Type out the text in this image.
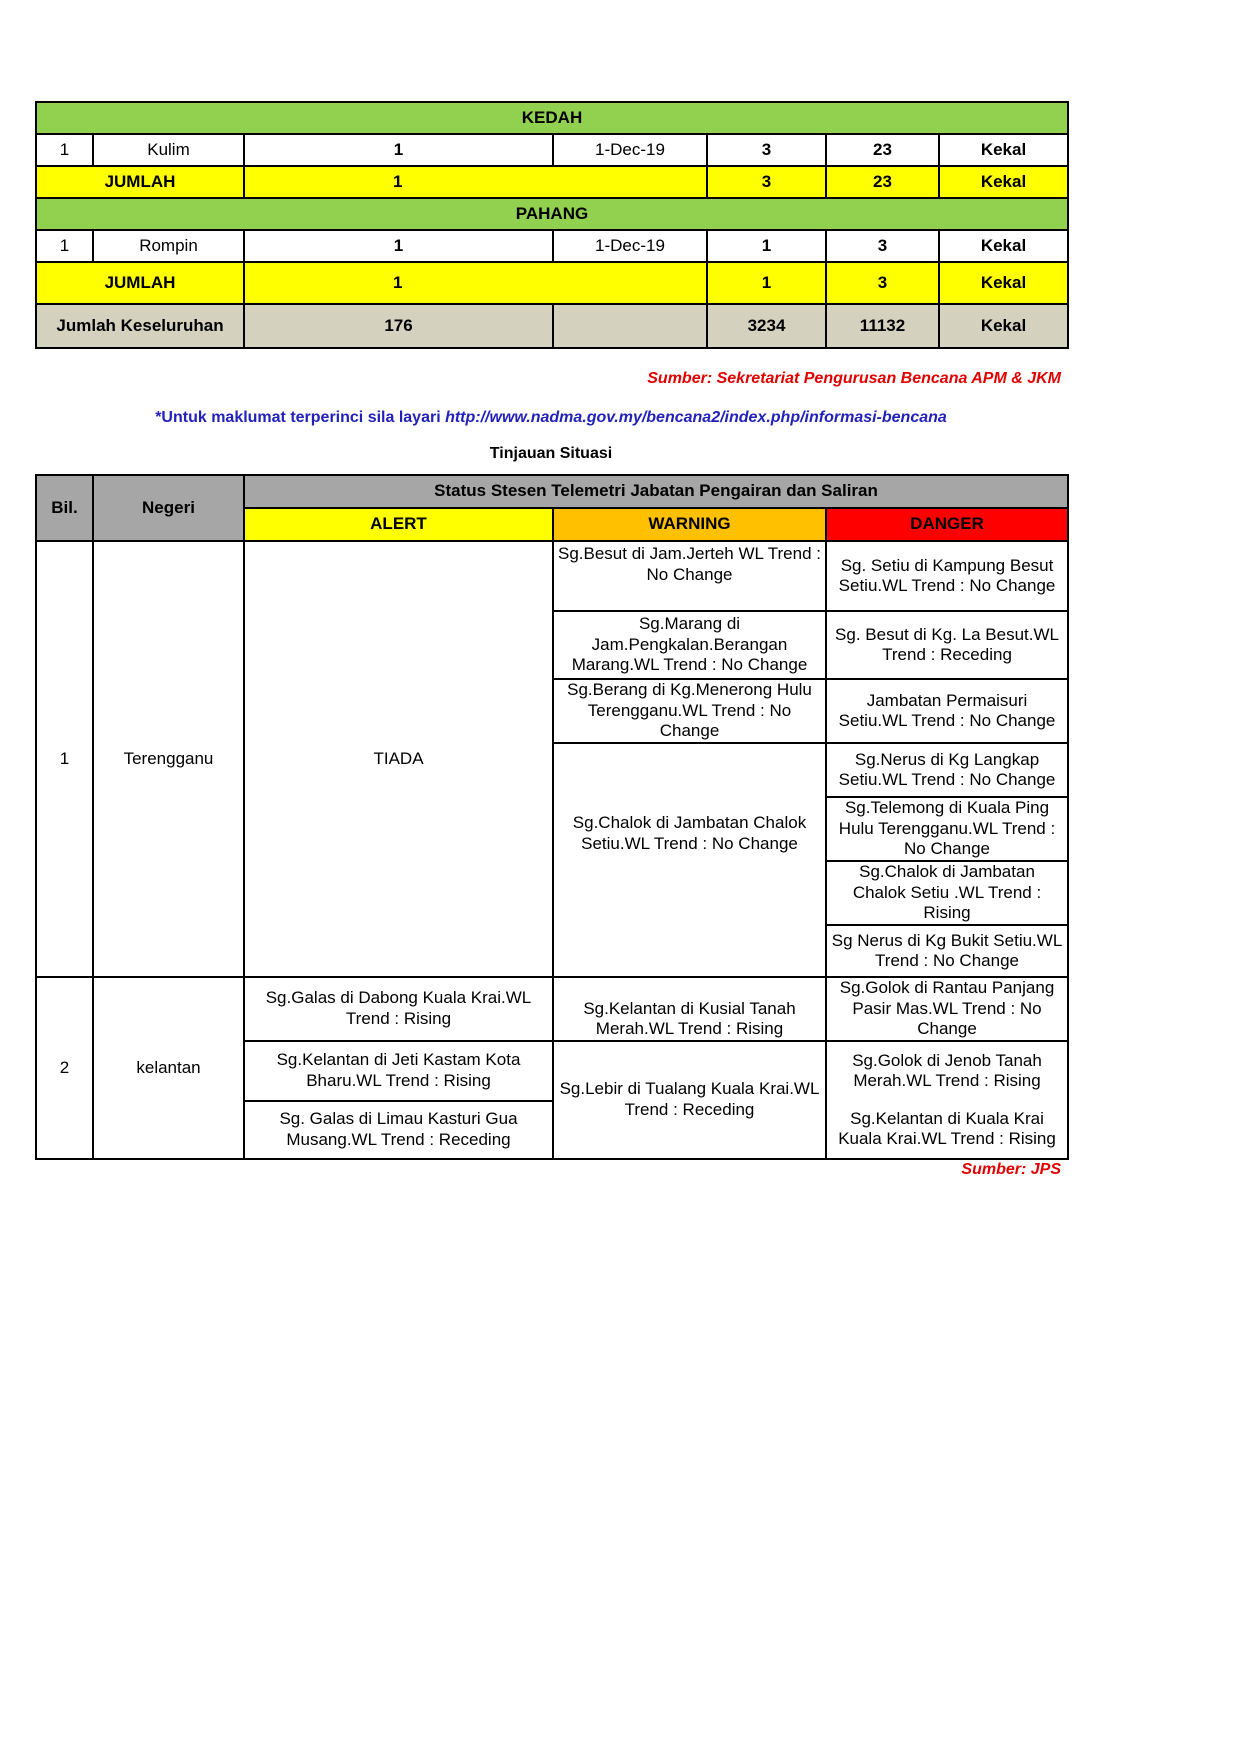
KEDAH						
1	Kulim	1	1-Dec-19	3	23	Kekal
JUMLAH		1		3	23	Kekal
PAHANG						
1	Rompin	1	1-Dec-19	1	3	Kekal
JUMLAH		1		1	3	Kekal
Jumlah Keseluruhan		176		3234	11132	Kekal
Sumber: Sekretariat Pengurusan Bencana APM & JKM
*Untuk maklumat terperinci sila layari http://www.nadma.gov.my/bencana2/index.php/informasi-bencana
Tinjauan Situasi
Bil.	Negeri	Status Stesen Telemetri Jabatan Pengairan dan Saliran		
		ALERT	WARNING	DANGER
1	Terengganu	TIADA	Sg.Besut di Jam.Jerteh WL Trend : No Change	Sg. Setiu di Kampung Besut Setiu.WL Trend : No Change
			Sg.Marang di Jam.Pengkalan.Berangan Marang.WL Trend : No Change	Sg. Besut di Kg. La Besut.WL Trend : Receding
			Sg.Berang di Kg.Menerong Hulu Terengganu.WL Trend : No Change	Jambatan Permaisuri Setiu.WL Trend : No Change
			Sg.Chalok di Jambatan Chalok Setiu.WL Trend : No Change	Sg.Nerus di Kg Langkap Setiu.WL Trend : No Change
				Sg.Telemong di Kuala Ping Hulu Terengganu.WL Trend : No Change
				Sg.Chalok di Jambatan Chalok Setiu .WL Trend : Rising
				Sg Nerus di Kg Bukit Setiu.WL Trend : No Change
2	kelantan	Sg.Galas di Dabong Kuala Krai.WL Trend : Rising	Sg.Kelantan di Kusial Tanah Merah.WL Trend : Rising	Sg.Golok di Rantau Panjang Pasir Mas.WL Trend : No Change
		Sg.Kelantan di Jeti Kastam Kota Bharu.WL Trend : Rising	Sg.Lebir di Tualang Kuala Krai.WL Trend : Receding	Sg.Golok di Jenob Tanah Merah.WL Trend : Rising
		Sg. Galas di Limau Kasturi Gua Musang.WL Trend : Receding		Sg.Kelantan di Kuala Krai Kuala Krai.WL Trend : Rising
Sumber: JPS
